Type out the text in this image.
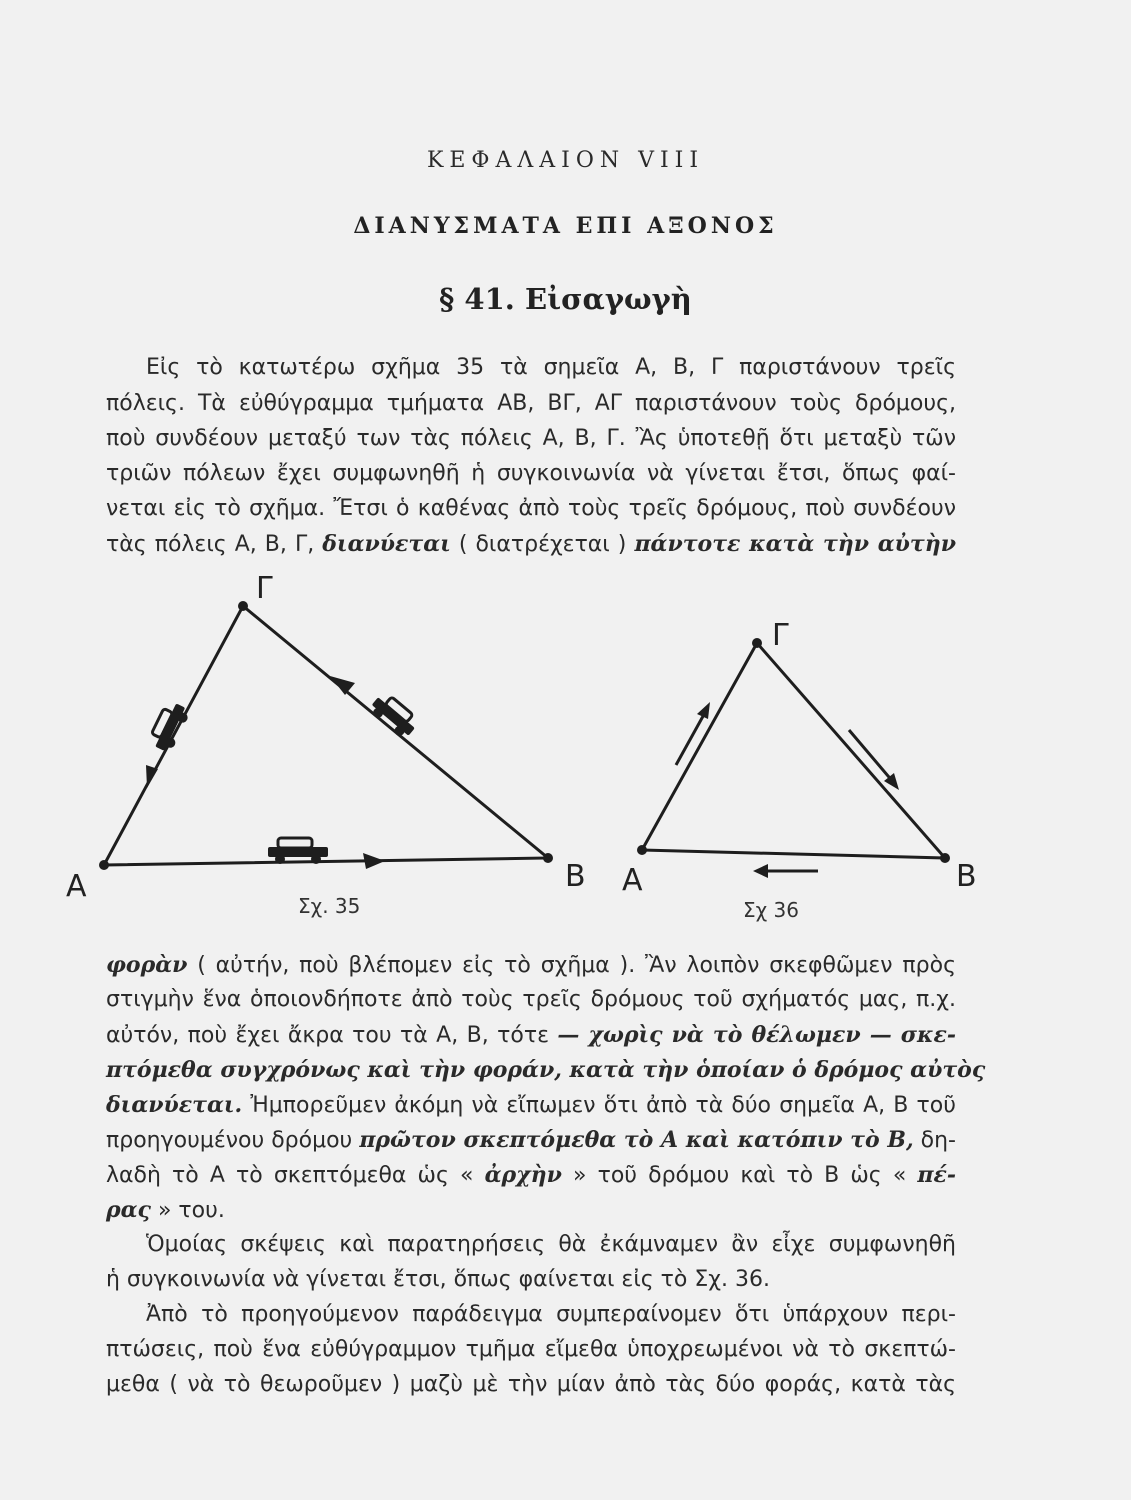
ΚΕΦΑΛΑΙΟΝ VIII
ΔΙΑΝΥΣΜΑΤΑ ΕΠΙ ΑΞΟΝΟΣ
§ 41. Εἰσαγωγὴ
Εἰς τὸ κατωτέρω σχῆμα 35 τὰ σημεῖα Α, Β, Γ παριστάνουν τρεῖς
πόλεις. Τὰ εὐθύγραμμα τμήματα ΑΒ, ΒΓ, ΑΓ παριστάνουν τοὺς δρόμους,
ποὺ συνδέουν μεταξύ των τὰς πόλεις Α, Β, Γ. Ἂς ὑποτεθῇ ὅτι μεταξὺ τῶν
τριῶν πόλεων ἔχει συμφωνηθῆ ἡ συγκοινωνία νὰ γίνεται ἔτσι, ὅπως φαί-
νεται εἰς τὸ σχῆμα. Ἔτσι ὁ καθένας ἀπὸ τοὺς τρεῖς δρόμους, ποὺ συνδέουν
τὰς πόλεις Α, Β, Γ, διανύεται ( διατρέχεται ) πάντοτε κατὰ τὴν αὐτὴν
Α	Β
Γ
Σχ. 35
Α	Β
Γ
Σχ 36
φορὰν ( αὐτήν, ποὺ βλέπομεν εἰς τὸ σχῆμα ). Ἂν λοιπὸν σκεφθῶμεν πρὸς
στιγμὴν ἕνα ὁποιονδήποτε ἀπὸ τοὺς τρεῖς δρόμους τοῦ σχήματός μας, π.χ.
αὐτόν, ποὺ ἔχει ἄκρα του τὰ Α, Β, τότε — χωρὶς νὰ τὸ θέλωμεν — σκε-
πτόμεθα συγχρόνως καὶ τὴν φοράν, κατὰ τὴν ὁποίαν ὁ δρόμος αὐτὸς
διανύεται. Ἠμπορεῦμεν ἀκόμη νὰ εἴπωμεν ὅτι ἀπὸ τὰ δύο σημεῖα Α, Β τοῦ
προηγουμένου δρόμου πρῶτον σκεπτόμεθα τὸ Α καὶ κατόπιν τὸ Β, δη-
λαδὴ τὸ Α τὸ σκεπτόμεθα ὡς « ἀρχὴν » τοῦ δρόμου καὶ τὸ Β ὡς « πέ-
ρας » του.
Ὁμοίας σκέψεις καὶ παρατηρήσεις θὰ ἐκάμναμεν ἂν εἶχε συμφωνηθῆ
ἡ συγκοινωνία νὰ γίνεται ἔτσι, ὅπως φαίνεται εἰς τὸ Σχ. 36.
Ἀπὸ τὸ προηγούμενον παράδειγμα συμπεραίνομεν ὅτι ὑπάρχουν περι-
πτώσεις, ποὺ ἕνα εὐθύγραμμον τμῆμα εἴμεθα ὑποχρεωμένοι νὰ τὸ σκεπτώ-
μεθα ( νὰ τὸ θεωροῦμεν ) μαζὺ μὲ τὴν μίαν ἀπὸ τὰς δύο φοράς, κατὰ τὰς
